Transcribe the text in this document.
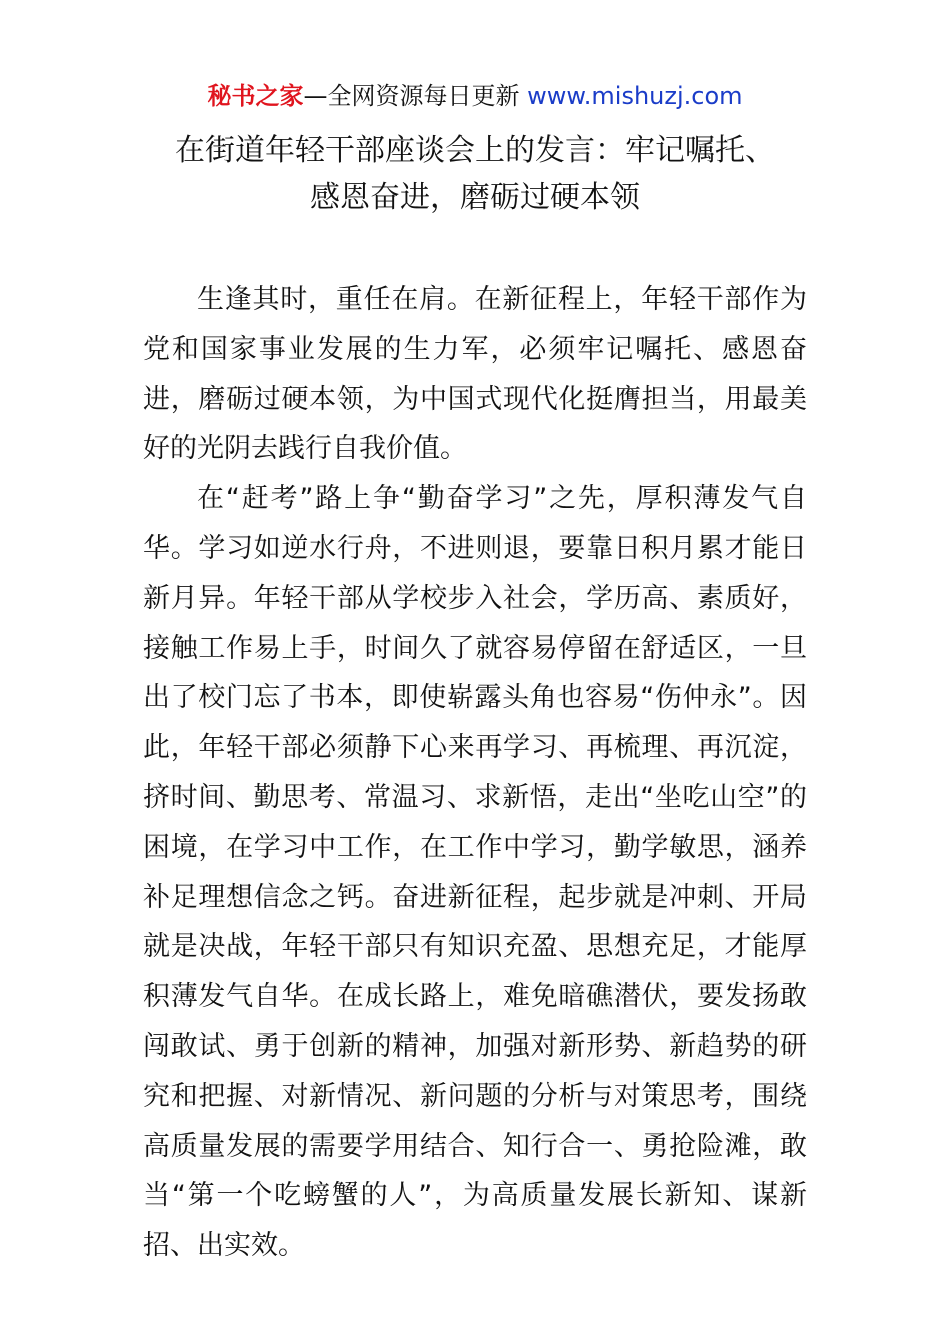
秘书之家—全网资源每日更新 www.mishuzj.com
在街道年轻干部座谈会上的发言：牢记嘱托、
感恩奋进，磨砺过硬本领

生逢其时，重任在肩。在新征程上，年轻干部作为党和国家事业发展的生力军，必须牢记嘱托、感恩奋进，磨砺过硬本领，为中国式现代化挺膺担当，用最美好的光阴去践行自我价值。

在“赶考”路上争“勤奋学习”之先，厚积薄发气自华。学习如逆水行舟，不进则退，要靠日积月累才能日新月异。年轻干部从学校步入社会，学历高、素质好，接触工作易上手，时间久了就容易停留在舒适区，一旦出了校门忘了书本，即使崭露头角也容易“伤仲永”。因此，年轻干部必须静下心来再学习、再梳理、再沉淀，挤时间、勤思考、常温习、求新悟，走出“坐吃山空”的困境，在学习中工作，在工作中学习，勤学敏思，涵养补足理想信念之钙。奋进新征程，起步就是冲刺、开局就是决战，年轻干部只有知识充盈、思想充足，才能厚积薄发气自华。在成长路上，难免暗礁潜伏，要发扬敢闯敢试、勇于创新的精神，加强对新形势、新趋势的研究和把握、对新情况、新问题的分析与对策思考，围绕高质量发展的需要学用结合、知行合一、勇抢险滩，敢当“第一个吃螃蟹的人”，为高质量发展长新知、谋新招、出实效。
